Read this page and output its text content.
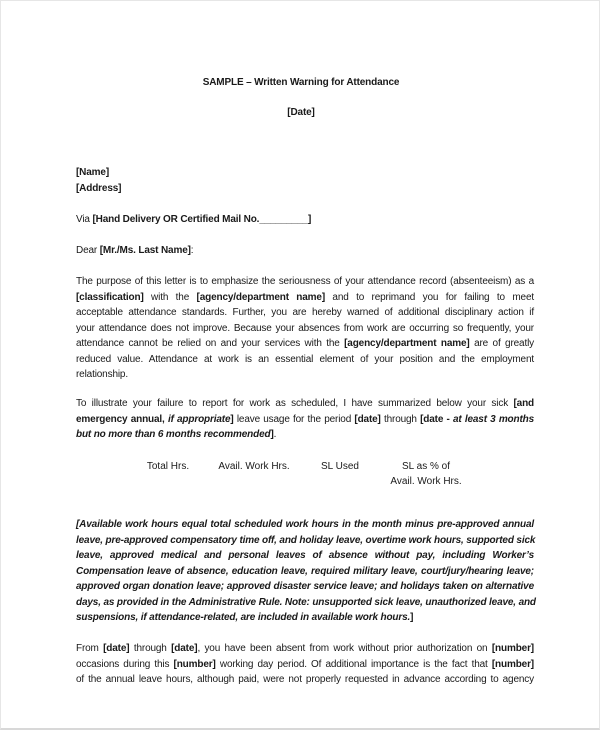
SAMPLE – Written Warning for Attendance
[Date]
[Name]
[Address]
Via [Hand Delivery OR Certified Mail No._________]
Dear [Mr./Ms. Last Name]:
The purpose of this letter is to emphasize the seriousness of your attendance record (absenteeism) as a
[classification] with the [agency/department name] and to reprimand you for failing to meet
acceptable attendance standards. Further, you are hereby warned of additional disciplinary action if
your attendance does not improve. Because your absences from work are occurring so frequently, your
attendance cannot be relied on and your services with the [agency/department name] are of greatly
reduced value. Attendance at work is an essential element of your position and the employment
relationship.
To illustrate your failure to report for work as scheduled, I have summarized below your sick [and
emergency annual, if appropriate] leave usage for the period [date] through [date - at least 3 months
but no more than 6 months recommended].
Total Hrs.	Avail. Work Hrs.	SL Used	SL as % of
Avail. Work Hrs.
[Available work hours equal total scheduled work hours in the month minus pre-approved annual
leave, pre-approved compensatory time off, and holiday leave, overtime work hours, supported sick
leave, approved medical and personal leaves of absence without pay, including Worker’s
Compensation leave of absence, education leave, required military leave, court/jury/hearing leave;
approved organ donation leave; approved disaster service leave; and holidays taken on alternative
days, as provided in the Administrative Rule. Note: unsupported sick leave, unauthorized leave, and
suspensions, if attendance-related, are included in available work hours.]
From [date] through [date], you have been absent from work without prior authorization on [number]
occasions during this [number] working day period. Of additional importance is the fact that [number]
of the annual leave hours, although paid, were not properly requested in advance according to agency
